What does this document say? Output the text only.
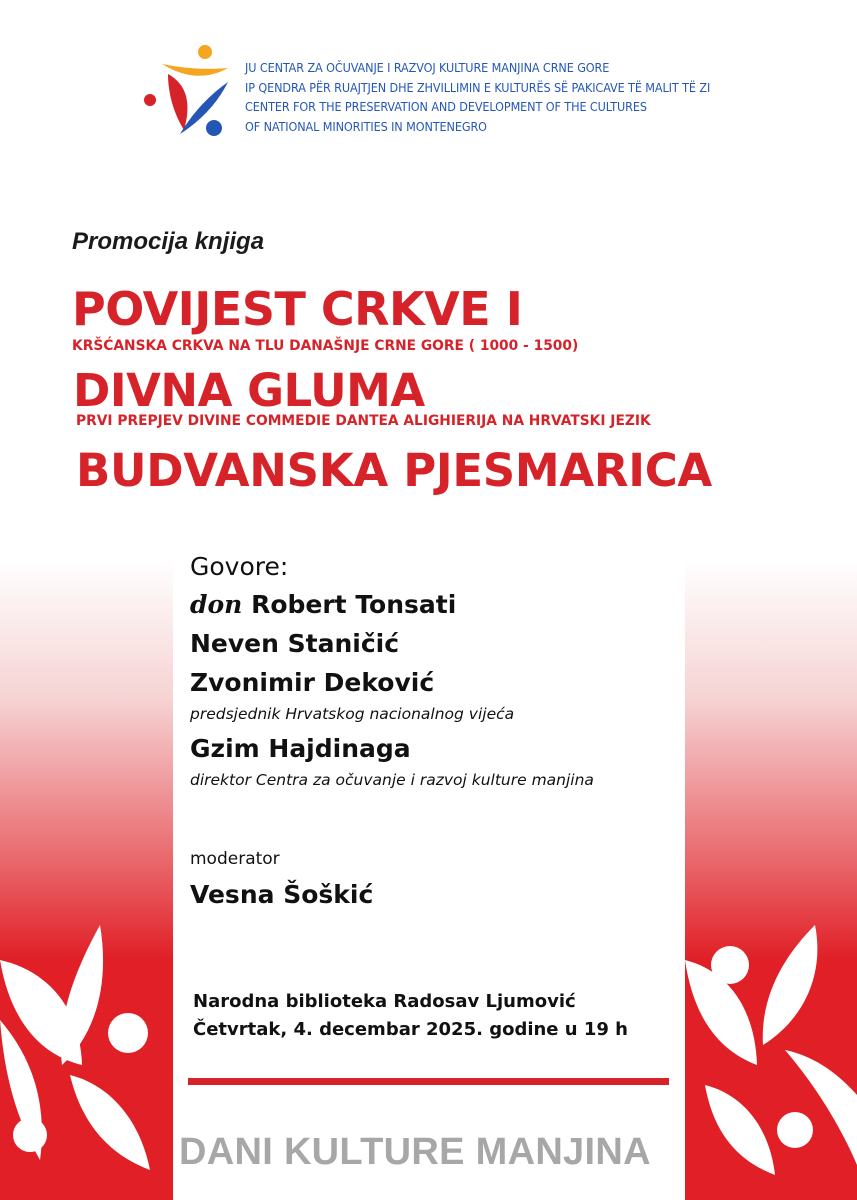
JU CENTAR ZA OČUVANJE I RAZVOJ KULTURE MANJINA CRNE GORE
IP QENDRA PËR RUAJTJEN DHE ZHVILLIMIN E KULTURËS SË PAKICAVE TË MALIT TË ZI
CENTER FOR THE PRESERVATION AND DEVELOPMENT OF THE CULTURES
OF NATIONAL MINORITIES IN MONTENEGRO
Promocija knjiga
POVIJEST CRKVE I
KRŠĆANSKA CRKVA NA TLU DANAŠNJE CRNE GORE ( 1000 - 1500)
DIVNA GLUMA
PRVI PREPJEV DIVINE COMMEDIE DANTEA ALIGHIERIJA NA HRVATSKI JEZIK
BUDVANSKA PJESMARICA
Govore:
don Robert Tonsati
Neven Staničić
Zvonimir Deković
predsjednik Hrvatskog nacionalnog vijeća
Gzim Hajdinaga
direktor Centra za očuvanje i razvoj kulture manjina
moderator
Vesna Šoškić
Narodna biblioteka Radosav Ljumović
Četvrtak, 4. decembar 2025. godine u 19 h
DANI KULTURE MANJINA
